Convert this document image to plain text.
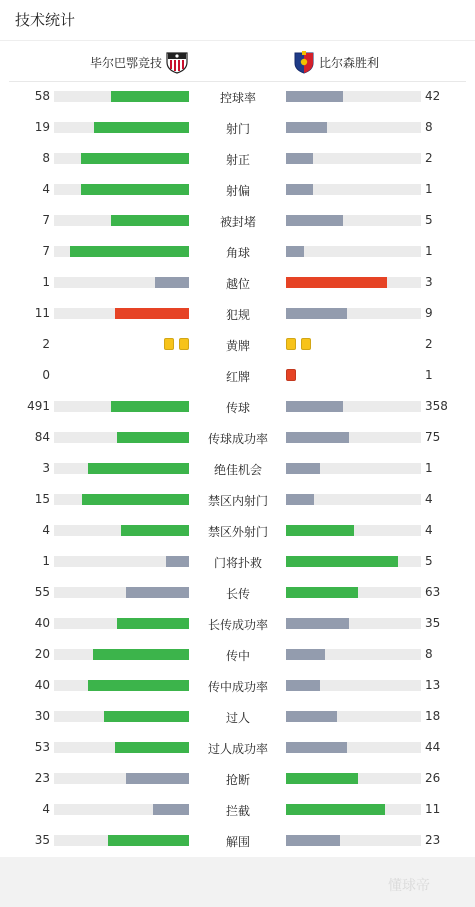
技术统计
毕尔巴鄂竞技	比尔森胜利
58	控球率	42
19	射门	8
8	射正	2
4	射偏	1
7	被封堵	5
7	角球	1
1	越位	3
11	犯规	9
2	黄牌	2
0	红牌	1
491	传球	358
84	传球成功率	75
3	绝佳机会	1
15	禁区内射门	4
4	禁区外射门	4
1	门将扑救	5
55	长传	63
40	长传成功率	35
20	传中	8
40	传中成功率	13
30	过人	18
53	过人成功率	44
23	抢断	26
4	拦截	11
35	解围	23
懂球帝
